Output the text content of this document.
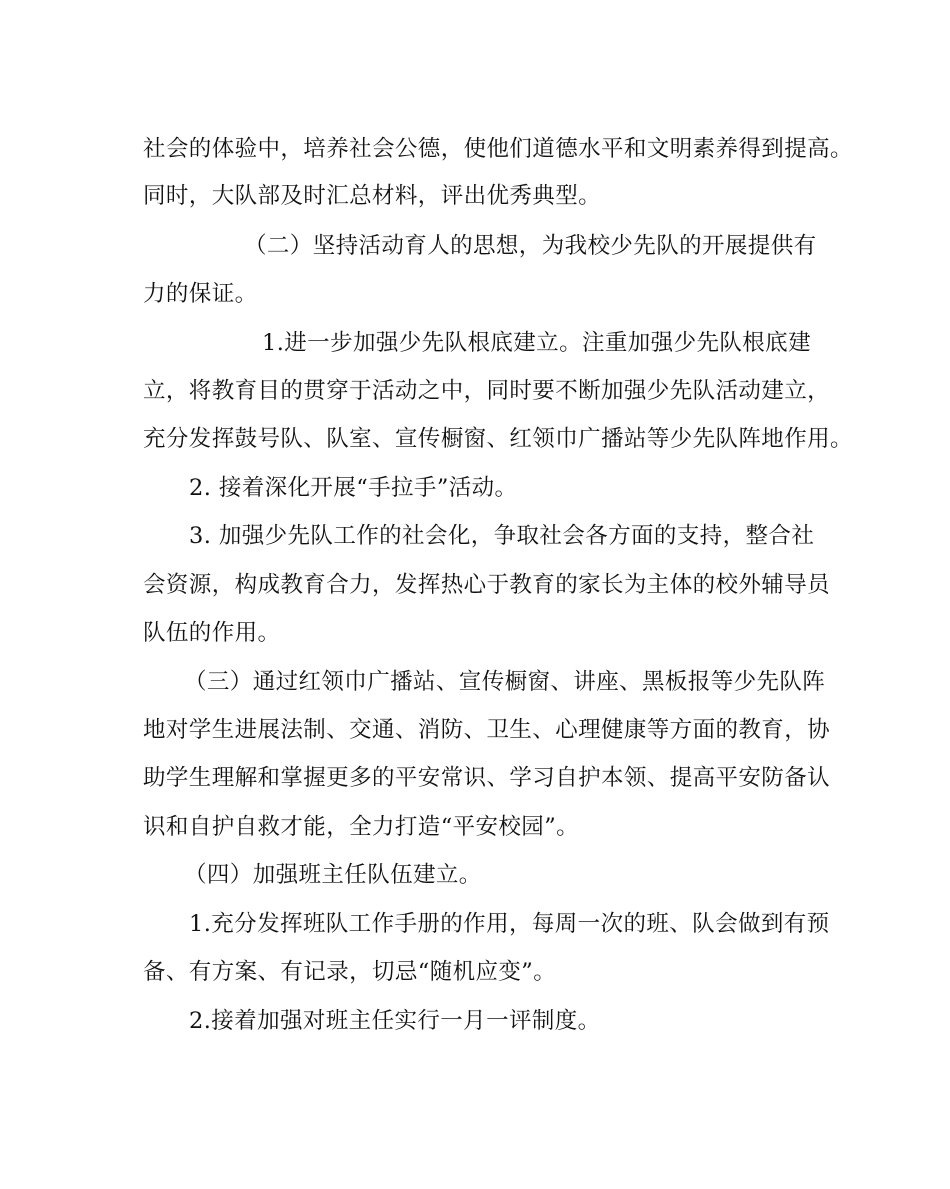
社会的体验中，培养社会公德，使他们道德水平和文明素养得到提高。
同时，大队部及时汇总材料，评出优秀典型。
（二）坚持活动育人的思想，为我校少先队的开展提供有
力的保证。
1.进一步加强少先队根底建立。注重加强少先队根底建
立，将教育目的贯穿于活动之中，同时要不断加强少先队活动建立，
充分发挥鼓号队、队室、宣传橱窗、红领巾广播站等少先队阵地作用。
2. 接着深化开展“手拉手”活动。
3. 加强少先队工作的社会化，争取社会各方面的支持，整合社
会资源，构成教育合力，发挥热心于教育的家长为主体的校外辅导员
队伍的作用。
（三）通过红领巾广播站、宣传橱窗、讲座、黑板报等少先队阵
地对学生进展法制、交通、消防、卫生、心理健康等方面的教育，协
助学生理解和掌握更多的平安常识、学习自护本领、提高平安防备认
识和自护自救才能，全力打造“平安校园”。
（四）加强班主任队伍建立。
1.充分发挥班队工作手册的作用，每周一次的班、队会做到有预
备、有方案、有记录，切忌“随机应变”。
2.接着加强对班主任实行一月一评制度。
